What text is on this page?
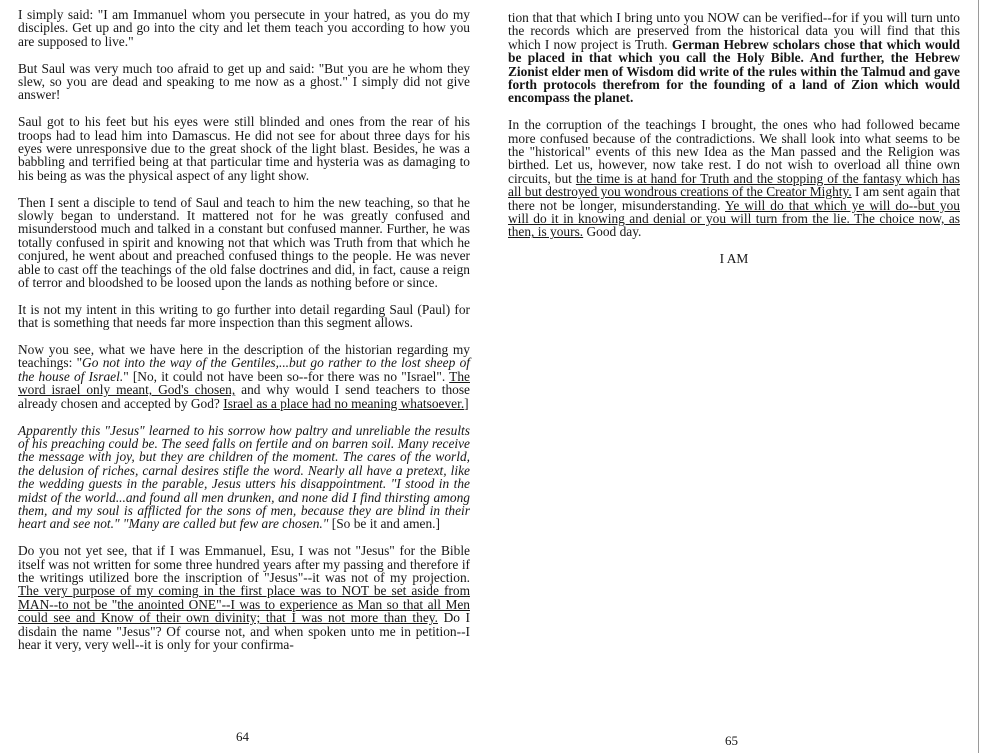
I simply said: "I am Immanuel whom you persecute in your hatred, as you do my disciples. Get up and go into the city and let them teach you according to how you are supposed to live."

But Saul was very much too afraid to get up and said: "But you are he whom they slew, so you are dead and speaking to me now as a ghost." I simply did not give answer!

Saul got to his feet but his eyes were still blinded and ones from the rear of his troops had to lead him into Damascus. He did not see for about three days for his eyes were unresponsive due to the great shock of the light blast. Besides, he was a babbling and terrified being at that particular time and hysteria was as damaging to his being as was the physical aspect of any light show.

Then I sent a disciple to tend of Saul and teach to him the new teaching, so that he slowly began to understand. It mattered not for he was greatly confused and misunderstood much and talked in a constant but confused manner. Further, he was totally confused in spirit and knowing not that which was Truth from that which he conjured, he went about and preached confused things to the people. He was never able to cast off the teachings of the old false doctrines and did, in fact, cause a reign of terror and bloodshed to be loosed upon the lands as nothing before or since.

It is not my intent in this writing to go further into detail regarding Saul (Paul) for that is something that needs far more inspection than this segment allows.

Now you see, what we have here in the description of the historian regarding my teachings: "Go not into the way of the Gentiles,...but go rather to the lost sheep of the house of Israel." [No, it could not have been so--for there was no "Israel". The word israel only meant, God's chosen, and why would I send teachers to those already chosen and accepted by God? Israel as a place had no meaning whatsoever.]

Apparently this "Jesus" learned to his sorrow how paltry and unreliable the results of his preaching could be. The seed falls on fertile and on barren soil. Many receive the message with joy, but they are children of the moment. The cares of the world, the delusion of riches, carnal desires stifle the word. Nearly all have a pretext, like the wedding guests in the parable, Jesus utters his disappointment. "I stood in the midst of the world...and found all men drunken, and none did I find thirsting among them, and my soul is afflicted for the sons of men, because they are blind in their heart and see not." "Many are called but few are chosen." [So be it and amen.]

Do you not yet see, that if I was Emmanuel, Esu, I was not "Jesus" for the Bible itself was not written for some three hundred years after my passing and therefore if the writings utilized bore the inscription of "Jesus"--it was not of my projection. The very purpose of my coming in the first place was to NOT be set aside from MAN--to not be "the anointed ONE"--I was to experience as Man so that all Men could see and Know of their own divinity; that I was not more than they. Do I disdain the name "Jesus"? Of course not, and when spoken unto me in petition--I hear it very, very well--it is only for your confirma-

64

tion that that which I bring unto you NOW can be verified--for if you will turn unto the records which are preserved from the historical data you will find that this which I now project is Truth. German Hebrew scholars chose that which would be placed in that which you call the Holy Bible. And further, the Hebrew Zionist elder men of Wisdom did write of the rules within the Talmud and gave forth protocols therefrom for the founding of a land of Zion which would encompass the planet.

In the corruption of the teachings I brought, the ones who had followed became more confused because of the contradictions. We shall look into what seems to be the "historical" events of this new Idea as the Man passed and the Religion was birthed. Let us, however, now take rest. I do not wish to overload all thine own circuits, but the time is at hand for Truth and the stopping of the fantasy which has all but destroyed you wondrous creations of the Creator Mighty. I am sent again that there not be longer, misunderstanding. Ye will do that which ye will do--but you will do it in knowing and denial or you will turn from the lie. The choice now, as then, is yours. Good day.

I AM
65
